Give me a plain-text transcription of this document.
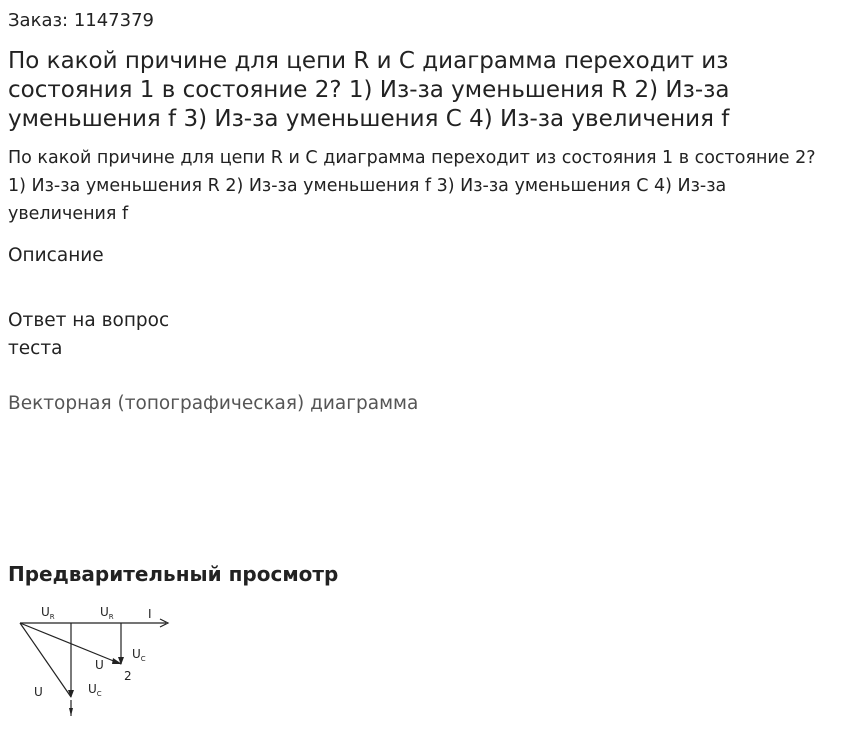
Заказ: 1147379
По какой причине для цепи R и C диаграмма переходит из состояния 1 в состояние 2? 1) Из-за уменьшения R 2) Из-за уменьшения f 3) Из-за уменьшения C 4) Из-за увеличения f
По какой причине для цепи R и C диаграмма переходит из состояния 1 в состояние 2? 1) Из-за уменьшения R 2) Из-за уменьшения f 3) Из-за уменьшения C 4) Из-за увеличения f
Описание
Ответ на вопрос теста
Векторная (топографическая) диаграмма
Предварительный просмотр
$U_R$	$U_R$	I
$U_C$
U
2
U	$U_C$
